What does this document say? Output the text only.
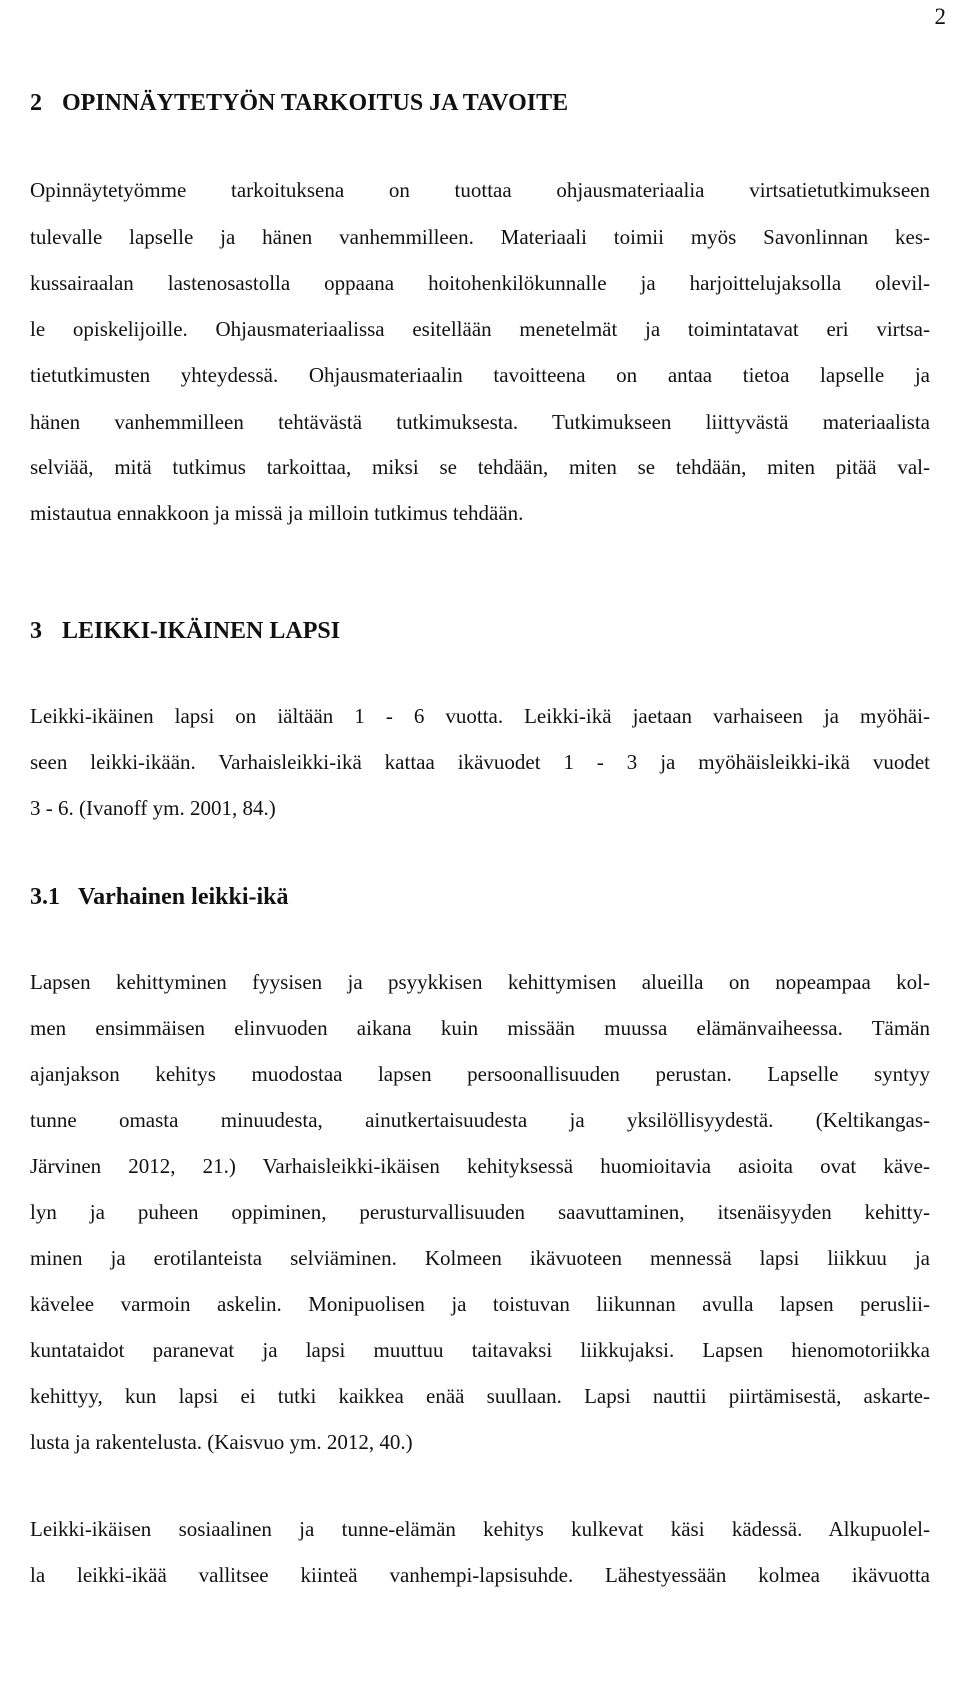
2
2 OPINNÄYTETYÖN TARKOITUS JA TAVOITE
Opinnäytetyömme tarkoituksena on tuottaa ohjausmateriaalia virtsatietutkimukseen
tulevalle lapselle ja hänen vanhemmilleen. Materiaali toimii myös Savonlinnan kes-
kussairaalan lastenosastolla oppaana hoitohenkilökunnalle ja harjoittelujaksolla olevil-
le opiskelijoille. Ohjausmateriaalissa esitellään menetelmät ja toimintatavat eri virtsa-
tietutkimusten yhteydessä. Ohjausmateriaalin tavoitteena on antaa tietoa lapselle ja
hänen vanhemmilleen tehtävästä tutkimuksesta. Tutkimukseen liittyvästä materiaalista
selviää, mitä tutkimus tarkoittaa, miksi se tehdään, miten se tehdään, miten pitää val-
mistautua ennakkoon ja missä ja milloin tutkimus tehdään.
3 LEIKKI-IKÄINEN LAPSI
Leikki-ikäinen lapsi on iältään 1 - 6 vuotta. Leikki-ikä jaetaan varhaiseen ja myöhäi-
seen leikki-ikään. Varhaisleikki-ikä kattaa ikävuodet 1 - 3 ja myöhäisleikki-ikä vuodet
3 - 6. (Ivanoff ym. 2001, 84.)
3.1 Varhainen leikki-ikä
Lapsen kehittyminen fyysisen ja psyykkisen kehittymisen alueilla on nopeampaa kol-
men ensimmäisen elinvuoden aikana kuin missään muussa elämänvaiheessa. Tämän
ajanjakson kehitys muodostaa lapsen persoonallisuuden perustan. Lapselle syntyy
tunne omasta minuudesta, ainutkertaisuudesta ja yksilöllisyydestä. (Keltikangas-
Järvinen 2012, 21.) Varhaisleikki-ikäisen kehityksessä huomioitavia asioita ovat käve-
lyn ja puheen oppiminen, perusturvallisuuden saavuttaminen, itsenäisyyden kehitty-
minen ja erotilanteista selviäminen. Kolmeen ikävuoteen mennessä lapsi liikkuu ja
kävelee varmoin askelin. Monipuolisen ja toistuvan liikunnan avulla lapsen peruslii-
kuntataidot paranevat ja lapsi muuttuu taitavaksi liikkujaksi. Lapsen hienomotoriikka
kehittyy, kun lapsi ei tutki kaikkea enää suullaan. Lapsi nauttii piirtämisestä, askarte-
lusta ja rakentelusta. (Kaisvuo ym. 2012, 40.)
Leikki-ikäisen sosiaalinen ja tunne-elämän kehitys kulkevat käsi kädessä. Alkupuolel-
la leikki-ikää vallitsee kiinteä vanhempi-lapsisuhde. Lähestyessään kolmea ikävuotta
